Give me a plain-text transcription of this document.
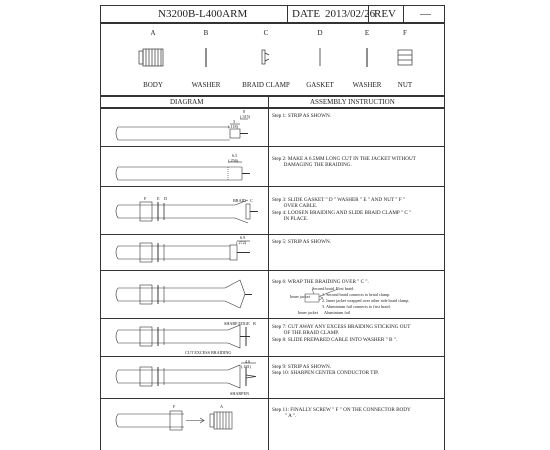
N3200B-L400ARM	DATE 2013/02/26
REV —
A	B	C	D	E	F
BODY	WASHER	BRAID CLAMP	GASKET	WASHER	NUT
DIAGRAM	ASSEMBLY INSTRUCTION
Step 1: STRIP AS SHOWN.
Step 2: MAKE A 6.5MM LONG CUT IN THE JACKET WITHOUT
DAMAGING THE BRAIDING.
Step 3: SLIDE GASKET " D " WASHER " E " AND NUT " F "
OVER CABLE.
Step 4: LOOSEN BRAIDING AND SLIDE BRAID CLAMP " C "
IN PLACE.
Step 5: STRIP AS SHOWN.
Step 6: WRAP THE BRAIDING OVER " C ".
Step 7: CUT AWAY ANY EXCESS BRAIDING STICKING OUT
OF THE BRAID CLAMP.
Step 8: SLIDE PREPARED CABLE INTO WASHER " B ".
Step 9: STRIP AS SHOWN.
Step 10: SHARPEN CENTER CONDUCTOR TIP.
Step 11: FINALLY SCREW " F " ON THE CONNECTOR BODY
" A ".
Second braid First braid
Inner jacket
Aluminium foil
Inner jacket
1. Second braid connects to braid clamp.
2. Inner jacket wrapped over other side braid clamp.
3. Aluminium foil connects to first braid.
8
(.315)
3
(.118)
6.5
(.256)
F	E D	BRAID C
6.9
(.272)
SHARP EDGE B
CUT EXCESS BRAIDING
4.6
(.181)
SHARPEN
F	A
